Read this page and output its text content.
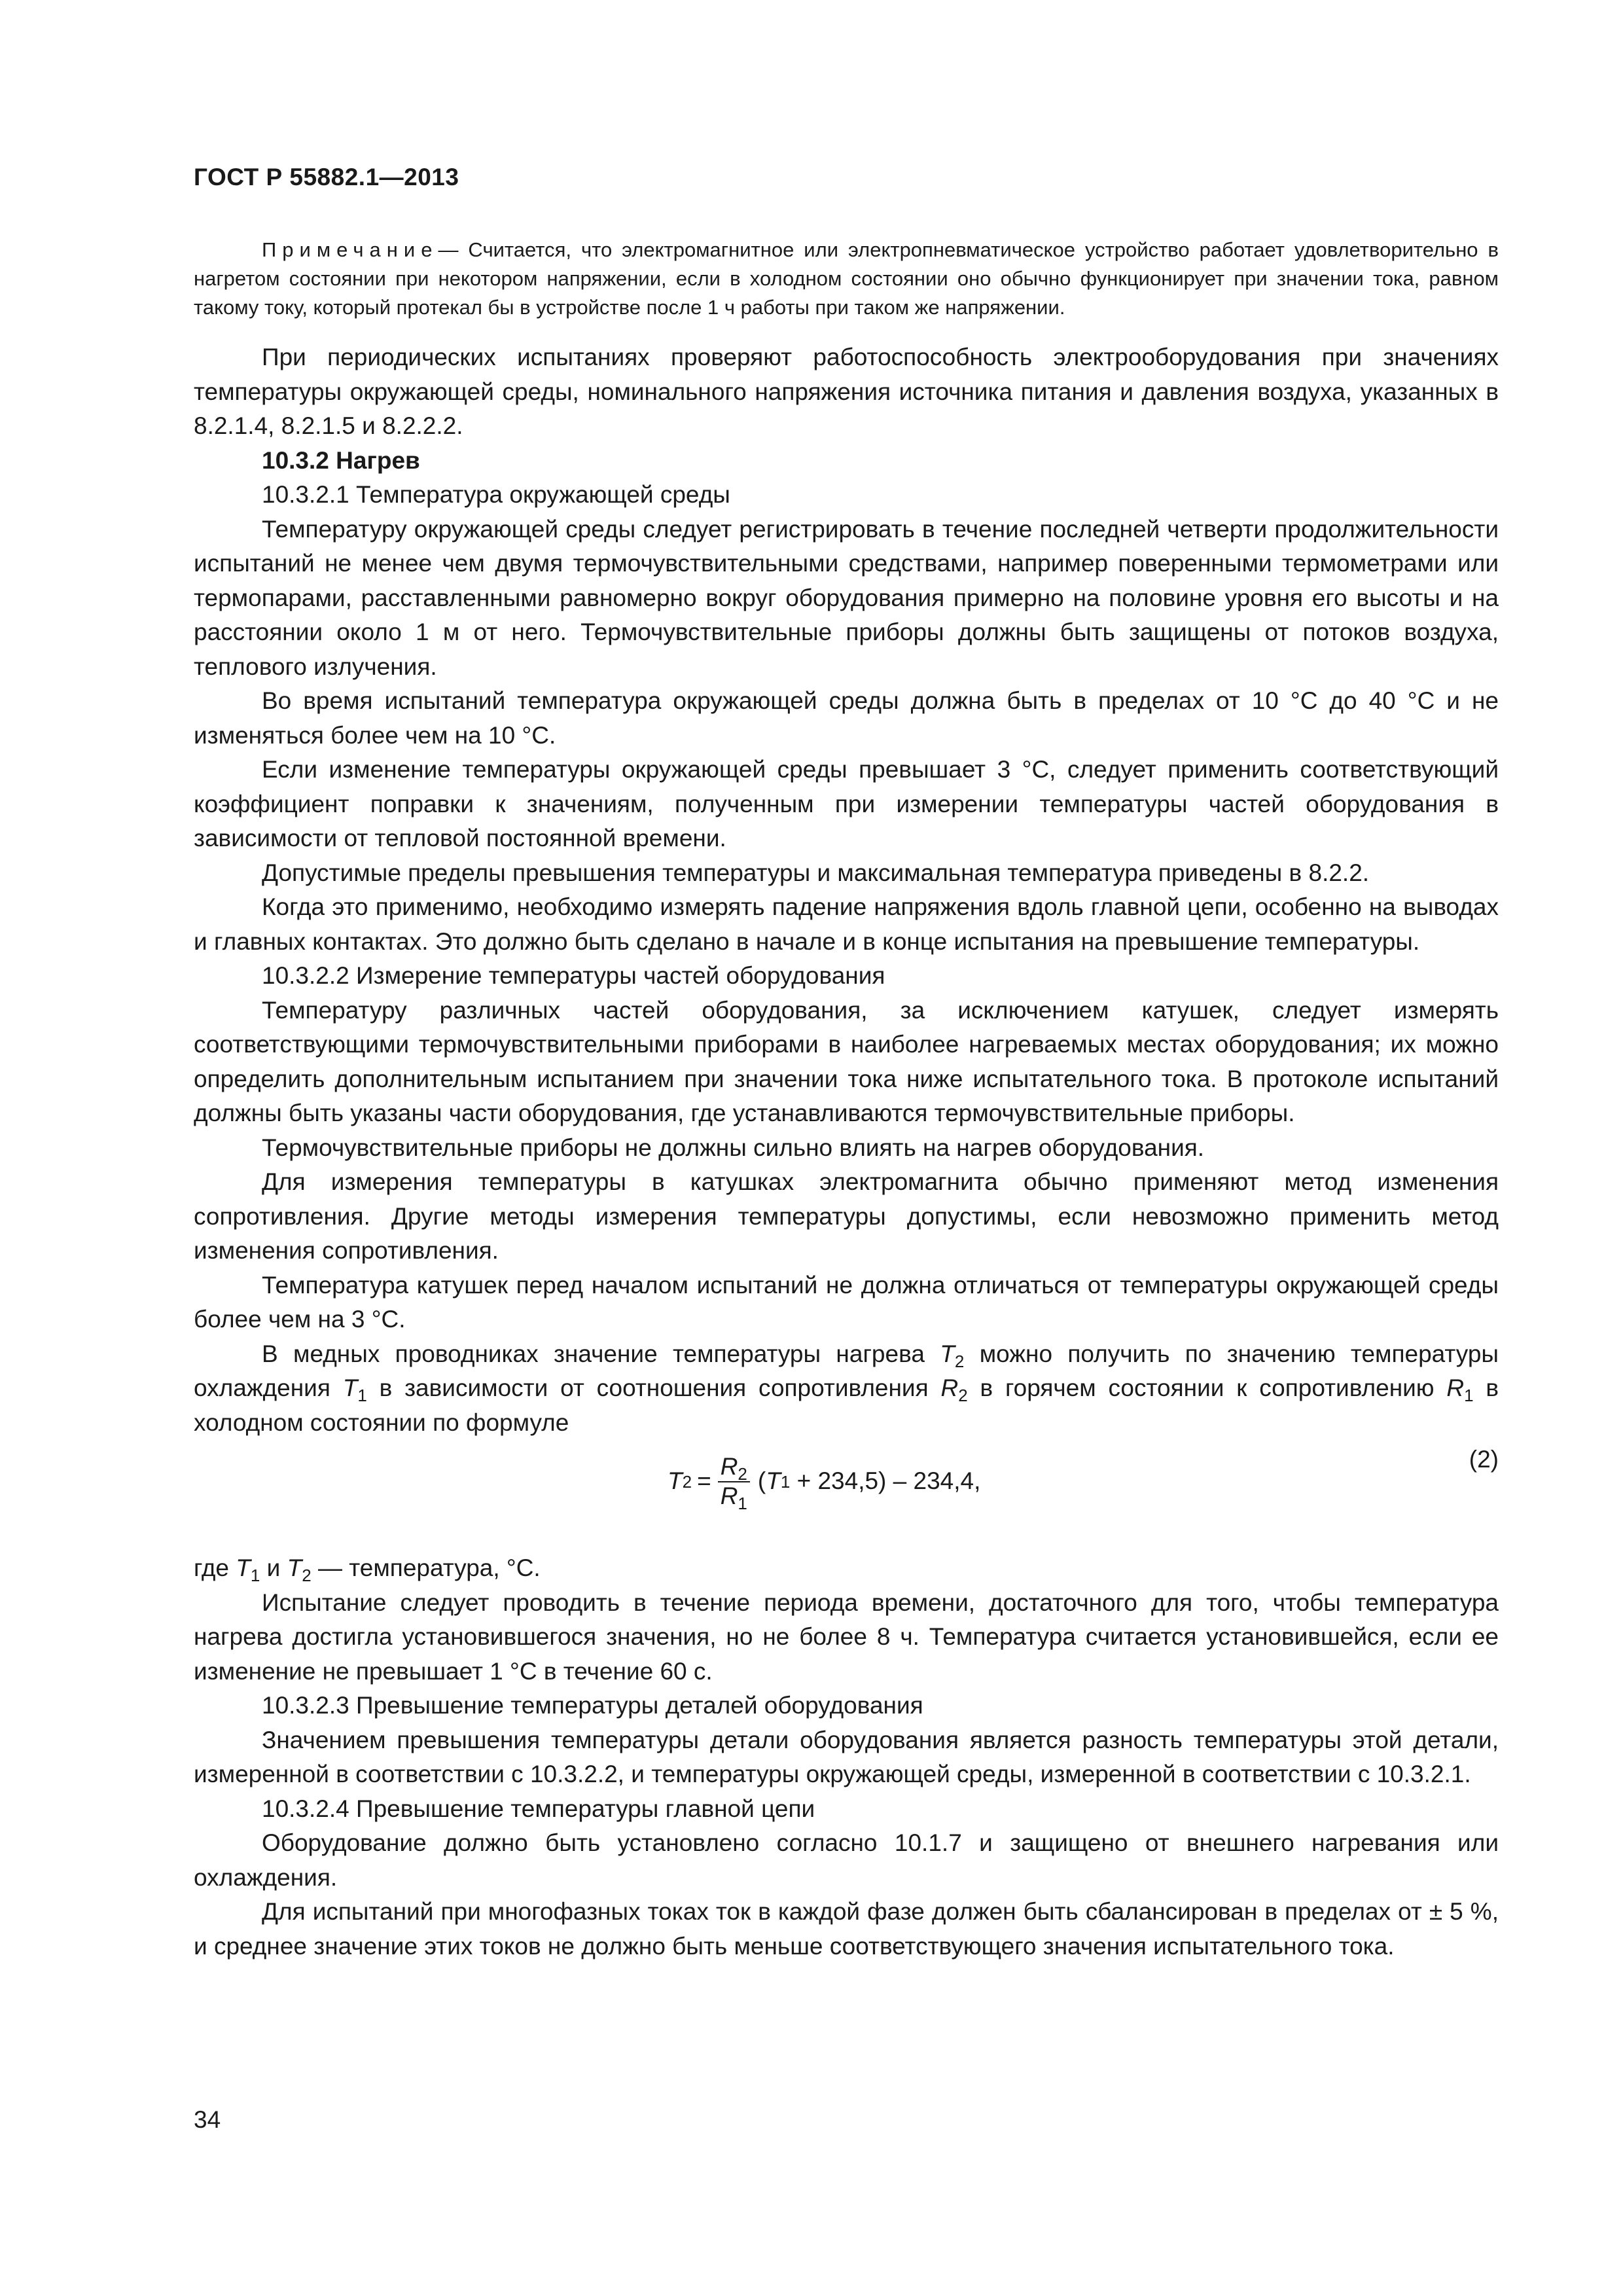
ГОСТ Р 55882.1—2013
Примечание— Считается, что электромагнитное или электропневматическое устройство работает удовлетворительно в нагретом состоянии при некотором напряжении, если в холодном состоянии оно обычно функционирует при значении тока, равном такому току, который протекал бы в устройстве после 1 ч работы при таком же напряжении.

При периодических испытаниях проверяют работоспособность электрооборудования при значениях температуры окружающей среды, номинального напряжения источника питания и давления воздуха, указанных в 8.2.1.4, 8.2.1.5 и 8.2.2.2.

10.3.2 Нагрев

10.3.2.1 Температура окружающей среды

Температуру окружающей среды следует регистрировать в течение последней четверти продолжительности испытаний не менее чем двумя термочувствительными средствами, например поверенными термометрами или термопарами, расставленными равномерно вокруг оборудования примерно на половине уровня его высоты и на расстоянии около 1 м от него. Термочувствительные приборы должны быть защищены от потоков воздуха, теплового излучения.

Во время испытаний температура окружающей среды должна быть в пределах от 10 °С до 40 °С и не изменяться более чем на 10 °С.

Если изменение температуры окружающей среды превышает 3 °С, следует применить соответствующий коэффициент поправки к значениям, полученным при измерении температуры частей оборудования в зависимости от тепловой постоянной времени.

Допустимые пределы превышения температуры и максимальная температура приведены в 8.2.2.

Когда это применимо, необходимо измерять падение напряжения вдоль главной цепи, особенно на выводах и главных контактах. Это должно быть сделано в начале и в конце испытания на превышение температуры.

10.3.2.2 Измерение температуры частей оборудования

Температуру различных частей оборудования, за исключением катушек, следует измерять соответствующими термочувствительными приборами в наиболее нагреваемых местах оборудования; их можно определить дополнительным испытанием при значении тока ниже испытательного тока. В протоколе испытаний должны быть указаны части оборудования, где устанавливаются термочувствительные приборы.

Термочувствительные приборы не должны сильно влиять на нагрев оборудования.

Для измерения температуры в катушках электромагнита обычно применяют метод изменения сопротивления. Другие методы измерения температуры допустимы, если невозможно применить метод изменения сопротивления.

Температура катушек перед началом испытаний не должна отличаться от температуры окружающей среды более чем на 3 °С.

В медных проводниках значение температуры нагрева $T_2$ можно получить по значению температуры охлаждения $T_1$ в зависимости от соотношения сопротивления $R_2$ в горячем состоянии к сопротивлению $R_1$ в холодном состоянии по формуле

T $2 = \frac{R_2}{R_1}$ ( T 1 + 234,5) – 234,4,
(2)

где $T_1$ и $T_2$ — температура, °С.

Испытание следует проводить в течение периода времени, достаточного для того, чтобы температура нагрева достигла установившегося значения, но не более 8 ч. Температура считается установившейся, если ее изменение не превышает 1 °С в течение 60 с.

10.3.2.3 Превышение температуры деталей оборудования

Значением превышения температуры детали оборудования является разность температуры этой детали, измеренной в соответствии с 10.3.2.2, и температуры окружающей среды, измеренной в соответствии с 10.3.2.1.

10.3.2.4 Превышение температуры главной цепи

Оборудование должно быть установлено согласно 10.1.7 и защищено от внешнего нагревания или охлаждения.

Для испытаний при многофазных токах ток в каждой фазе должен быть сбалансирован в пределах от ± 5 %, и среднее значение этих токов не должно быть меньше соответствующего значения испытательного тока.

34
